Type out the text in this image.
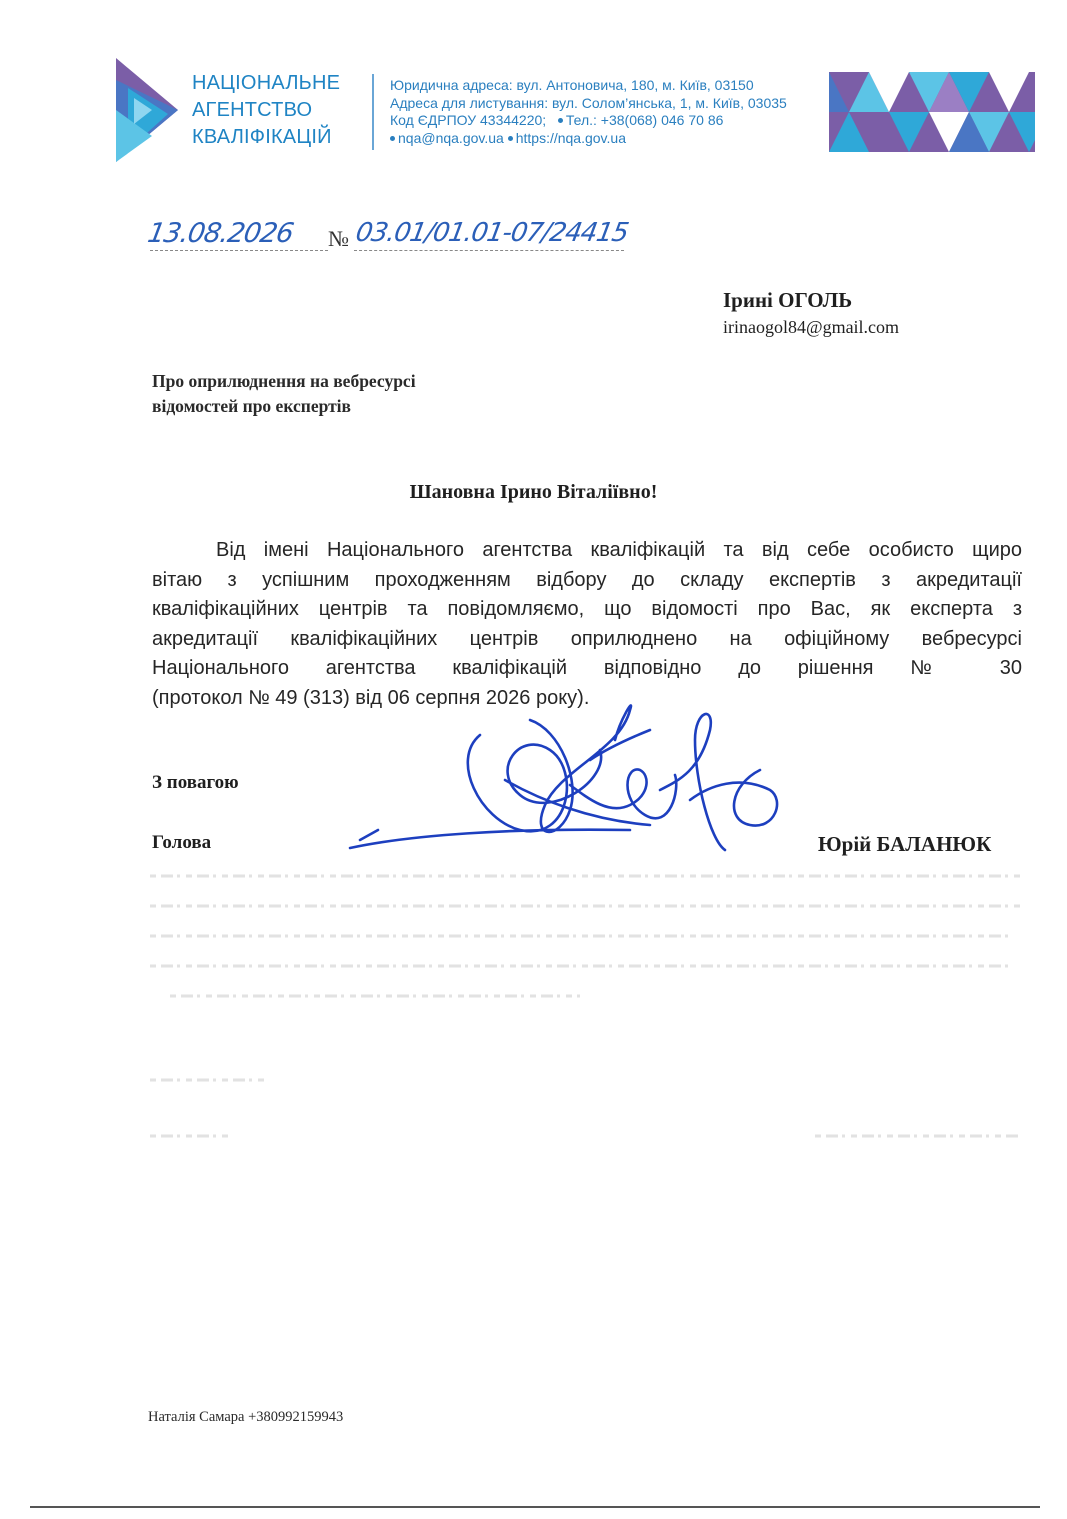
НАЦІОНАЛЬНЕ
АГЕНТСТВО
КВАЛІФІКАЦІЙ
Юридична адреса: вул. Антоновича, 180, м. Київ, 03150
Адреса для листування: вул. Солом’янська, 1, м. Київ, 03035
Код ЄДРПОУ 43344220; Тел.: +38(068) 046 70 86
nqa@nqa.gov.ua https://nqa.gov.ua
13.08.2026 № 03.01/01.01-07/24415
Ірині ОГОЛЬ
irinaogol84@gmail.com
Про оприлюднення на вебресурсі
відомостей про експертів
Шановна Ірино Віталіївно!
Від імені Національного агентства кваліфікацій та від себе особисто щиро
вітаю з успішним проходженням відбору до складу експертів з акредитації
кваліфікаційних центрів та повідомляємо, що відомості про Вас, як експерта з
акредитації кваліфікаційних центрів оприлюднено на офіційному вебресурсі
Національного агентства кваліфікацій відповідно до рішення № 30
(протокол № 49 (313) від 06 серпня 2026 року).
З повагою
Голова	Юрій БАЛАНЮК
Наталія Самара +380992159943
